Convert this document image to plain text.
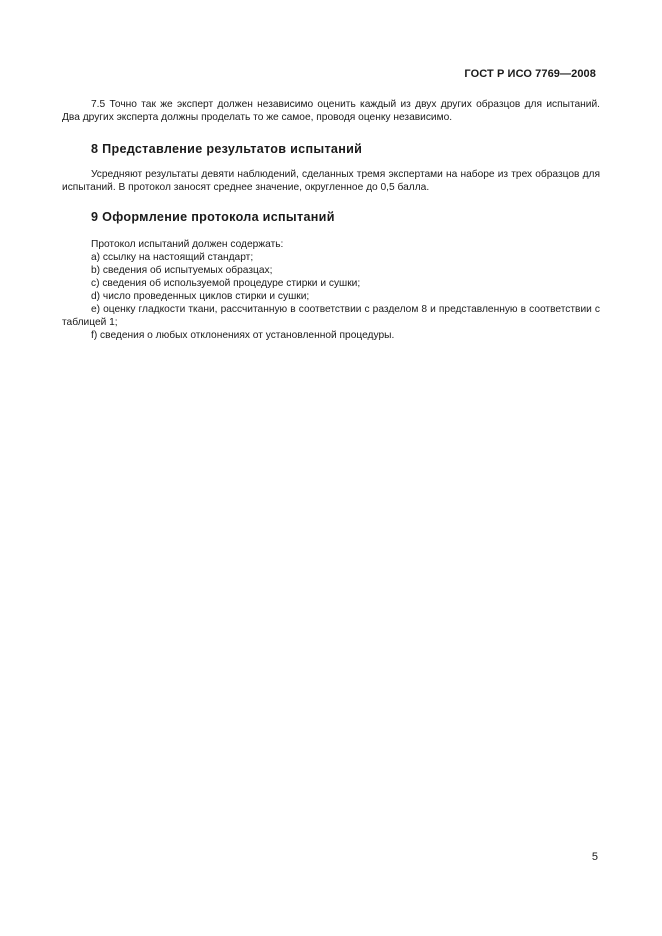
ГОСТ Р ИСО 7769—2008

7.5 Точно так же эксперт должен независимо оценить каждый из двух других образцов для испытаний. Два других эксперта должны проделать то же самое, проводя оценку независимо.

8 Представление результатов испытаний

Усредняют результаты девяти наблюдений, сделанных тремя экспертами на наборе из трех образцов для испытаний. В протокол заносят среднее значение, округленное до 0,5 балла.

9 Оформление протокола испытаний

Протокол испытаний должен содержать:

a) ссылку на настоящий стандарт;
b) сведения об испытуемых образцах;
c) сведения об используемой процедуре стирки и сушки;
d) число проведенных циклов стирки и сушки;
e) оценку гладкости ткани, рассчитанную в соответствии с разделом 8 и представленную в соответствии с таблицей 1;
f) сведения о любых отклонениях от установленной процедуры.
5
